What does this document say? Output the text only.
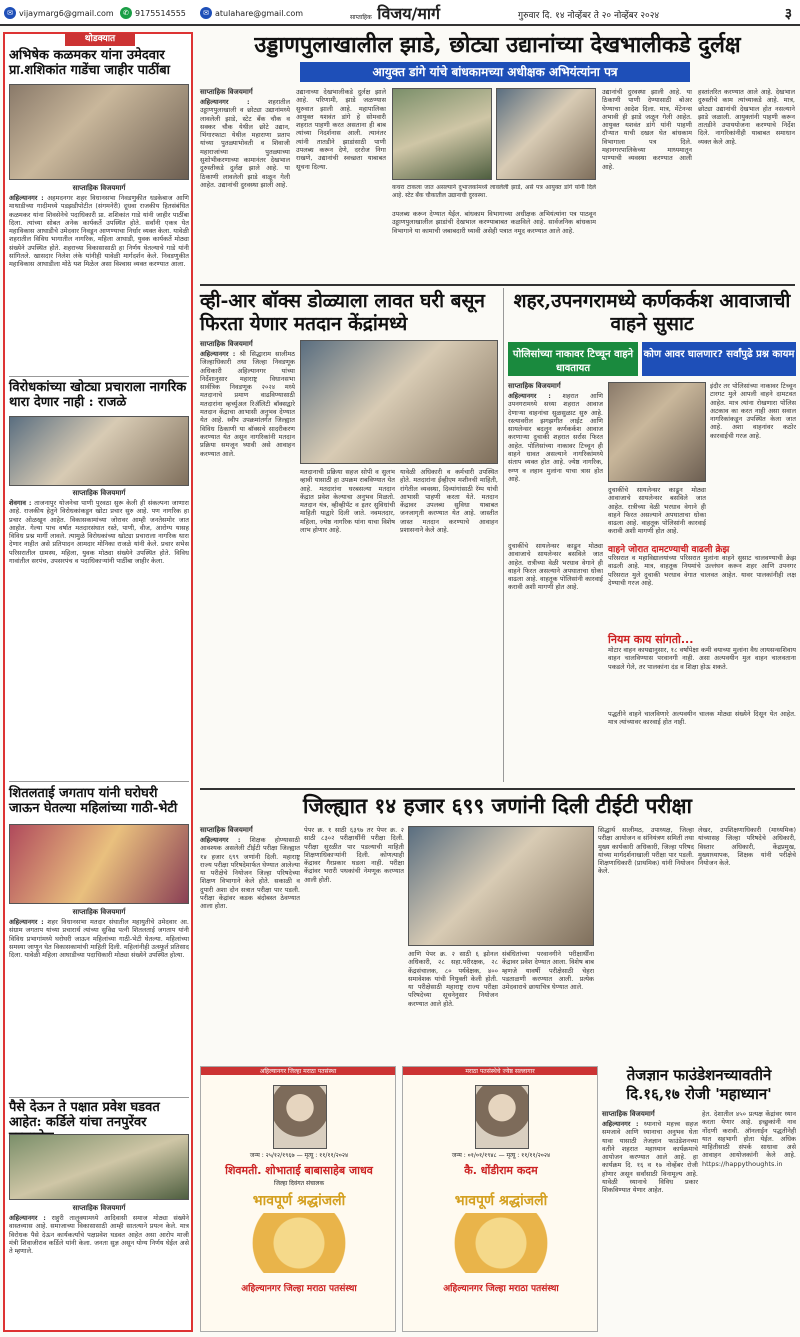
✉ vijaymarg6@gmail.com	✆ 9175514555	✉ atulahare@gmail.com	साप्ताहिक विजय/मार्ग	गुरुवार दि. १४ नोव्हेंबर ते २० नोव्हेंबर २०२४	३
थोडक्यात
अभिषेक कळमकर यांना उमेदवार प्रा.शशिकांत गाडेंचा जाहीर पाठींबा
साप्ताहिक विजयमार्ग
अहिल्यानगर : अहमदनगर शहर विधानसभा निवडणुकीत धडकेबाज आणि माथाडीच्या गादीमध्ये पडझडीपोटीत (संगमनेरी) दूधवा राजकीय हितसंबंधित कळमकर यांना शिवसेनेचे पदाधिकारी प्रा. शशिकांत गाडे यांनी जाहीर पाठींबा दिला. त्यांच्या सोबत अनेक कार्यकर्ते उपस्थित होते. सर्वांनी एकत्र येत महाविकास आघाडीचे उमेदवार निवडून आणण्याचा निर्धार व्यक्त केला. यावेळी शहरातील विविध भागातील नागरिक, महिला आघाडी, युवक कार्यकर्ते मोठ्या संख्येने उपस्थित होते. शहराच्या विकासासाठी हा निर्णय घेतल्याचे गाडे यांनी सांगितले. खासदार निलेश लंके यांनीही यावेळी मार्गदर्शन केले. निवडणुकीत महाविकास आघाडीला मोठे यश मिळेल असा विश्वास व्यक्त करण्यात आला.
विरोधकांच्या खोट्या प्रचाराला नागरिक थारा देणार नाही : राजळे
साप्ताहिक विजयमार्ग
शेवगाव : ताजनापुर योजनेचा पाणी पुरवठा सुरू केली ही संकल्पना जाणारा आहे. राजकीय हेतुने विरोधकांकडून खोटा प्रचार सुरु आहे. पण नागरिक हा प्रचार ओळखून आहेत. विकासकामांच्या जोरावर आम्ही जनतेसमोर जात आहोत. गेल्या पाच वर्षात मतदारसंघात रस्ते, पाणी, वीज, आरोग्य यासह विविध प्रश्न मार्गी लावले. त्यामुळे विरोधकांच्या खोट्या प्रचाराला नागरिक थारा देणार नाहीत असे प्रतिपादन आमदार मोनिका राजळे यांनी केले. प्रचार सभेस परिसरातील ग्रामस्थ, महिला, युवक मोठ्या संख्येने उपस्थित होते. विविध गावांतील सरपंच, उपसरपंच व पदाधिकाऱ्यांनी पाठींबा जाहीर केला.
शितलताई जगताप यांनी घरोघरी जाऊन घेतल्या महिलांच्या गाठी-भेटी
साप्ताहिक विजयमार्ग
अहिल्यानगर : शहर विधानसभा मतदार संघातील महायुतीचे उमेदवार आ. संग्राम जगताप यांच्या प्रचारार्थ त्यांच्या सुविद्य पत्नी शितलताई जगताप यांनी विविध प्रभागांमध्ये घरोघरी जाऊन महिलांच्या गाठी-भेटी घेतल्या. महिलांच्या समस्या जाणून घेत विकासकामांची माहिती दिली. महिलांनीही उत्स्फूर्त प्रतिसाद दिला. यावेळी महिला आघाडीच्या पदाधिकारी मोठ्या संख्येने उपस्थित होत्या.
पैसे देऊन ते पक्षात प्रवेश घडवत आहेत: कर्डिले यांचा तनपुरेंवर
साप्ताहिक विजयमार्ग
अहिल्यानगर : राहुरी तालुक्यामध्ये आदिवासी समाज मोठ्या संख्येने वास्तव्यास आहे. समाजाच्या विकासासाठी आम्ही सातत्याने प्रयत्न केले. मात्र विरोधक पैसे देऊन कार्यकर्त्यांचे पक्षप्रवेश घडवत आहेत असा आरोप माजी मंत्री शिवाजीराव कर्डिले यांनी केला. जनता सुज्ञ असून योग्य निर्णय घेईल असे ते म्हणाले.
उड्डाणपुलाखालील झाडे, छोट्या उद्यानांच्या देखभालीकडे दुर्लक्ष
आयुक्त डांगे यांचे बांधकामच्या अधीक्षक अभियंत्यांना पत्र
साप्ताहिक विजयमार्ग
अहिल्यानगर :	शहरातील उड्डाणपुलाखाली व छोट्या उद्यानांमध्ये लावलेली झाडे, स्टेट बँक चौक व सक्कर चौक येथील छोटे उद्यान, भिंगारफाटा येथील महाराणा प्रताप यांच्या पुतळ्याभोवती व शिवाजी महाराजांच्या पुतळ्याच्या सुशोभीकरणाच्या कामानंतर देखभाल दुरुस्तीकडे दुर्लक्ष झाले आहे. या ठिकाणी लावलेली झाडे वाळून गेली आहेत. उद्यानांची दुरवस्था झाली आहे.
उद्यानाच्या देखभालीकडे दुर्लक्ष झाले आहे. परिणामी, झाडे जळण्यास सुरुवात झाली आहे. महापालिका आयुक्त यशवंत डांगे हे सोमवारी शहरात पाहणी करत असताना ही बाब त्यांच्या निदर्शनास आली. त्यानंतर त्यांनी तातडीने झाडांसाठी पाणी उपलब्ध करून देणे, दररोज निगा राखणे, उद्यानांची स्वच्छता याबाबत सूचना दिल्या.
कचरा टाकला जात असल्याने दुभाजकांमध्ये लावलेली झाडे, असे पत्र आयुक्त डांगे यांनी दिले आहे. स्टेट बँक चौकातील उद्यानाची दुरवस्था.
उपलब्ध करून देण्यात येईल. बांधकाम विभागाच्या अधीक्षक अभियंत्यांना पत्र पाठवून उड्डाणपुलाखालील झाडांची देखभाल करण्याबाबत कळविले आहे. सार्वजनिक बांधकाम विभागाने या कामाची जबाबदारी घ्यावी असेही पत्रात नमूद करण्यात आले आहे.
उद्यानांची दुरवस्था झाली आहे. या ठिकाणी पाणी देण्यासाठी बोअर घेण्याचा आदेश दिला. मात्र, मेंटेनन्स अभावी ही झाडे जळून गेली आहेत. आयुक्त यशवंत डांगे यांनी पाहणी दौऱ्यात याची दखल घेत बांधकाम विभागाला पत्र दिले. महानगरपालिकेच्या माध्यमातून पाण्याची व्यवस्था करण्यात आली आहे.
हस्तांतरित करण्यात आले आहे. देखभाल दुरुस्तीचे काम त्यांच्याकडे आहे. मात्र, छोट्या उद्यानांची देखभाल होत नसल्याने झाडे जळाली. आयुक्तांनी पाहणी करून तातडीने उपाययोजना करण्याचे निर्देश दिले. नागरिकांनीही याबाबत समाधान व्यक्त केले आहे.
व्ही-आर बॉक्स डोळ्याला लावत घरी बसून फिरता येणार मतदान केंद्रांमध्ये
साप्ताहिक विजयमार्ग
अहिल्यानगर : श्री सिद्धाराम सालीमठ जिल्हाधिकारी तथा जिल्हा निवडणूक अधिकारी अहिल्यानगर यांच्या निर्देशानुसार महाराष्ट्र विधानसभा सार्वत्रिक निवडणूक २०२४ मध्ये मतदानाचे प्रमाण वाढविण्यासाठी मतदारांना व्हर्च्युअल रिअ‍ॅलिटी बॉक्सद्वारे मतदान केंद्राचा आभासी अनुभव देण्यात येत आहे. स्वीप उपक्रमांतर्गत जिल्ह्यात विविध ठिकाणी या बॉक्सचे सादरीकरण करण्यात येत असून नागरिकांनी मतदान प्रक्रिया समजून घ्यावी असे आवाहन करण्यात आले.
मतदानाची प्रक्रिया सहज सोपी व सुलभ व्हावी यासाठी हा उपक्रम राबविण्यात येत आहे. मतदारांना घरबसल्या मतदान केंद्रात प्रवेश केल्याचा अनुभव मिळतो. मतदान यंत्र, व्हीव्हीपॅट व इतर सुविधांची माहिती याद्वारे दिली जाते. नवमतदार, महिला, ज्येष्ठ नागरिक यांना याचा विशेष लाभ होणार आहे.
यावेळी अधिकारी व कर्मचारी उपस्थित होते. मतदारांना ईव्हीएम मशीनची माहिती, रांगेतील व्यवस्था, दिव्यांगांसाठी रॅम्प यांची आभासी पाहणी करता येते. मतदान केंद्रावर उपलब्ध सुविधा याबाबत जनजागृती करण्यात येत आहे. जास्तीत जास्त मतदान करण्याचे आवाहन प्रशासनाने केले आहे.
शहर,उपनगरामध्ये कर्णकर्कश आवाजाची वाहने सुसाट
पोलिसांच्या नाकावर टिच्चून वाहने धावतायत
कोण आवर घालणार? सर्वांपुढे प्रश्न कायम
साप्ताहिक विजयमार्ग
अहिल्यानगर : शहरात आणि उपनगरामध्ये सध्या शहरात आवाज देणाऱ्या वाहनांचा सुळसुळाट सुरु आहे. रस्त्यावरील झगझगीत लाईट आणि सायलेन्सर बदलून कर्णकर्कश आवाज करणाऱ्या दुचाकी शहरात सर्रास फिरत आहेत. पोलिसांच्या नाकावर टिच्चून ही वाहने धावत असल्याने नागरिकांमध्ये संताप व्यक्त होत आहे. ज्येष्ठ नागरिक, रुग्ण व लहान मुलांना याचा त्रास होत आहे.
इंदौर तर पोलिसांच्या नाकावर टिच्चून टारगट मुले आपली वाहने दामटवत आहेत. मात्र त्यांना रोखणारा पोलिस अटकाव का करत नाही असा सवाल नागरिकांकडून उपस्थित केला जात आहे. अशा वाहनांवर कठोर कारवाईची गरज आहे.
दुचाकींचे सायलेन्सर काढून मोठ्या आवाजाचे सायलेन्सर बसविले जात आहेत. रात्रीच्या वेळी भरधाव वेगाने ही वाहने फिरत असल्याने अपघाताचा धोका वाढला आहे. वाहतूक पोलिसांनी कारवाई करावी अशी मागणी होत आहे.
वाहने जोरात दामटण्याची वाढली क्रेझ
परिसरात व महाविद्यालयांच्या परिसरात मुलांना वाहने सुसाट चालवण्याची क्रेझ वाढली आहे. मात्र, वाहतूक नियमांचे उल्लंघन करून शहर आणि उपनगर परिसरात मुले दुचाकी भरधाव वेगात चालवत आहेत. यावर पालकांनीही लक्ष देण्याची गरज आहे.
दुचाकींचे सायलेन्सर काढून मोठ्या आवाजाचे सायलेन्सर बसविले जात आहेत. रात्रीच्या वेळी भरधाव वेगाने ही वाहने फिरत असल्याने अपघाताचा धोका वाढला आहे. वाहतूक पोलिसांनी कारवाई करावी अशी मागणी होत आहे.
नियम काय सांगतो...
मोटार वाहन कायद्यानुसार, १८ वर्षांपेक्षा कमी वयाच्या मुलांना वैध लायसन्सशिवाय वाहन चालविण्यास परवानगी नाही. असा अल्पवयीन मुल वाहन चालवताना पकडले गेले, तर पालकांना दंड व शिक्षा होऊ शकते.
पद्धतीने वाहने चालविणारे अल्पवयीन चालक मोठ्या संख्येने दिसून येत आहेत. मात्र त्यांच्यावर कारवाई होत नाही.
जिल्ह्यात १४ हजार ६९९ जणांनी दिली टीईटी परीक्षा
साप्ताहिक विजयमार्ग
अहिल्यानगर : शिक्षक होण्यासाठी आवश्यक असलेली टीईटी परीक्षा जिल्ह्यात १४ हजार ६९९ जणांनी दिली. महाराष्ट्र राज्य परीक्षा परिषदेमार्फत घेण्यात आलेल्या या परीक्षेचे नियोजन जिल्हा परिषदेच्या शिक्षण विभागाने केले होते. सकाळी व दुपारी अशा दोन सत्रात परीक्षा पार पडली. परीक्षा केंद्रांवर कडक बंदोबस्त ठेवण्यात आला होता.
पेपर क्र. १ साठी ६३९७ तर पेपर क्र. २ साठी ८३०२ परीक्षार्थींनी परीक्षा दिली. परीक्षा सुरळीत पार पडल्याची माहिती शिक्षणाधिकाऱ्यांनी दिली. कोणत्याही केंद्रावर गैरप्रकार घडला नाही. परीक्षा केंद्रांवर भरारी पथकांची नेमणूक करण्यात आली होती.
आणि पेपर क्र. २ साठी ६ झोनल अधिकारी, २८ सहा.परीरक्षक, २८ केंद्रसंचालक, ८० पर्यवेक्षक, ४०० समावेशक यांची नियुक्ती केली होती. या परीक्षेसाठी महाराष्ट्र राज्य परीक्षा परिषदेच्या सूचनेनुसार नियोजन करण्यात आले होते.
संबंधितांच्या परवानगीने परीक्षार्थींना केंद्रावर प्रवेश देण्यात आला. विशेष बाब म्हणजे यावर्षी परीक्षेसाठी चेहरा पडताळणी करण्यात आली. प्रत्येक उमेदवाराचे छायाचित्र घेण्यात आले.
सिद्धार्थ सालीमठ, उपाध्यक्ष, जिल्हा परीक्षा आयोजन व संनियंत्रण समिती तथा मुख्य कार्यकारी अधिकारी, जिल्हा परिषद यांच्या मार्गदर्शनाखाली परीक्षा पार पडली. शिक्षणाधिकारी (प्राथमिक) यांनी नियोजन केले.
लेखर, उपशिक्षणाधिकारी (माध्यमिक) यांच्यासह जिल्हा परिषदेचे अधिकारी, विस्तार अधिकारी, केंद्रप्रमुख, मुख्याध्यापक, शिक्षक यांनी परीक्षेचे नियोजन केले.
अहिल्यानगर जिल्हा मराठा पतसंस्था
जन्म : २५/१२/१९६७ — मृत्यू : ११/११/२०२४
शिवमती. शोभाताई बाबासाहेब जाधव
जिल्हा दिवंगत संचालक
भावपूर्ण श्रद्धांजली
अहिल्यानगर जिल्हा मराठा पतसंस्था
मराठा पतसंस्थेचे ज्येष्ठ सल्लागार
जन्म : ०१/०१/१९४८ — मृत्यू : ११/११/२०२४
कै. धोंडीराम कदम
भावपूर्ण श्रद्धांजली
अहिल्यानगर जिल्हा मराठा पतसंस्था
तेजज्ञान फाउंडेशनच्यावतीने दि.१६,१७ रोजी 'महाध्यान'
साप्ताहिक विजयमार्ग
अहिल्यानगर : ध्यानाचे महत्त्व सहज समजावे आणि ध्यानाचा अनुभव घेता यावा यासाठी तेजज्ञान फाउंडेशनच्या वतीने शहरात महाध्यान कार्यक्रमाचे आयोजन करण्यात आले आहे. हा कार्यक्रम दि. १६ व १७ नोव्हेंबर रोजी होणार असून सर्वांसाठी विनामूल्य आहे. यावेळी ध्यानाचे विविध प्रकार शिकविण्यात येणार आहेत.
हेत. देशातील ४५० प्रत्यक्ष केंद्रांवर ध्यान करता येणार आहे. इच्छुकांनी नाव नोंदणी करावी. ऑनलाईन पद्धतीनेही यात सहभागी होता येईल. अधिक माहितीसाठी संपर्क साधावा असे आवाहन आयोजकांनी केले आहे. https://happythoughts.in
